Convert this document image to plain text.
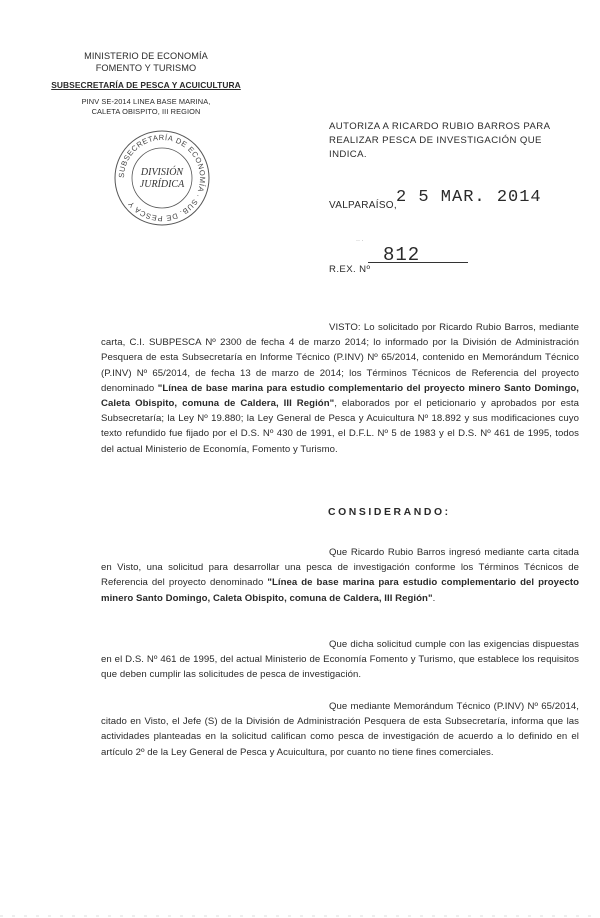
MINISTERIO DE ECONOMÍA
FOMENTO Y TURISMO
SUBSECRETARÍA DE PESCA Y ACUICULTURA
PINV SE-2014 LINEA BASE MARINA,
CALETA OBISPITO, III REGION
SUBSECRETARÍA DE ECONOMÍA · SUB. DE PESCA Y
DIVISIÓN
JURÍDICA
AUTORIZA A RICARDO RUBIO BARROS PARA REALIZAR PESCA DE INVESTIGACIÓN QUE INDICA.
VALPARAÍSO, 2 5 MAR. 2014
·· ·
812
R.EX. Nº
VISTO: Lo solicitado por Ricardo Rubio Barros, mediante carta, C.I. SUBPESCA Nº 2300 de fecha 4 de marzo 2014; lo informado por la División de Administración Pesquera de esta Subsecretaría en Informe Técnico (P.INV) Nº 65/2014, contenido en Memorándum Técnico (P.INV) Nº 65/2014, de fecha 13 de marzo de 2014; los Términos Técnicos de Referencia del proyecto denominado "Línea de base marina para estudio complementario del proyecto minero Santo Domingo, Caleta Obispito, comuna de Caldera, III Región", elaborados por el peticionario y aprobados por esta Subsecretaría; la Ley Nº 19.880; la Ley General de Pesca y Acuicultura Nº 18.892 y sus modificaciones cuyo texto refundido fue fijado por el D.S. Nº 430 de 1991, el D.F.L. Nº 5 de 1983 y el D.S. Nº 461 de 1995, todos del actual Ministerio de Economía, Fomento y Turismo.
CONSIDERANDO:
Que Ricardo Rubio Barros ingresó mediante carta citada en Visto, una solicitud para desarrollar una pesca de investigación conforme los Términos Técnicos de Referencia del proyecto denominado "Línea de base marina para estudio complementario del proyecto minero Santo Domingo, Caleta Obispito, comuna de Caldera, III Región".
Que dicha solicitud cumple con las exigencias dispuestas en el D.S. Nº 461 de 1995, del actual Ministerio de Economía Fomento y Turismo, que establece los requisitos que deben cumplir las solicitudes de pesca de investigación.
Que mediante Memorándum Técnico (P.INV) Nº 65/2014, citado en Visto, el Jefe (S) de la División de Administración Pesquera de esta Subsecretaría, informa que las actividades planteadas en la solicitud califican como pesca de investigación de acuerdo a lo definido en el artículo 2º de la Ley General de Pesca y Acuicultura, por cuanto no tiene fines comerciales.
